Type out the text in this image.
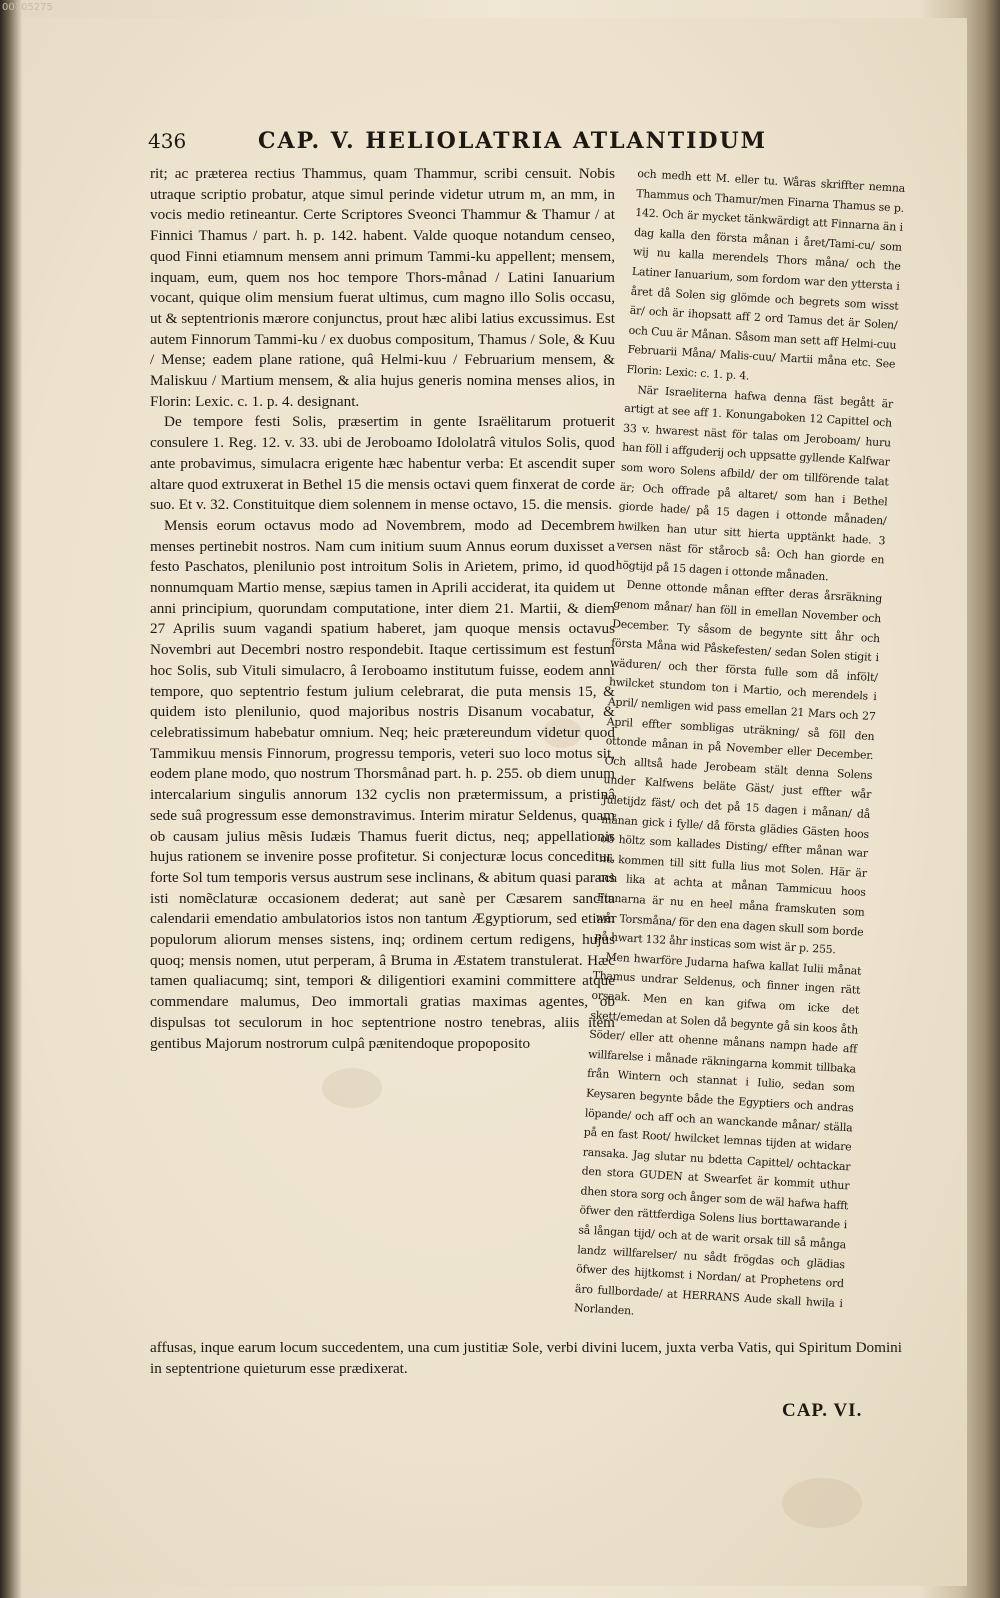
00105275
436	CAP. V. HELIOLATRIA ATLANTIDUM

rit; ac præterea rectius Thammus, quam Thammur, scribi censuit. Nobis utraque scriptio probatur, atque simul perinde videtur utrum m, an mm, in vocis medio retineantur. Certe Scriptores Sveonci Thammur & Thamur / at Finnici Thamus / part. h. p. 142. habent. Valde quoque notandum censeo, quod Finni etiamnum mensem anni primum Tammi-ku appellent; mensem, inquam, eum, quem nos hoc tempore Thors-månad / Latini Ianuarium vocant, quique olim mensium fuerat ultimus, cum magno illo Solis occasu, ut & septentrionis mærore conjunctus, prout hæc alibi latius excussimus. Est autem Finnorum Tammi-ku / ex duobus compositum, Thamus / Sole, & Kuu / Mense; eadem plane ratione, quâ Helmi-kuu / Februarium mensem, & Maliskuu / Martium mensem, & alia hujus generis nomina menses alios, in Florin: Lexic. c. 1. p. 4. designant.

De tempore festi Solis, præsertim in gente Israëlitarum protuerit consulere 1. Reg. 12. v. 33. ubi de Jeroboamo Idololatrâ vitulos Solis, quod ante probavimus, simulacra erigente hæc habentur verba: Et ascendit super altare quod extruxerat in Bethel 15 die mensis octavi quem finxerat de corde suo. Et v. 32. Constituitque diem solennem in mense octavo, 15. die mensis.

Mensis eorum octavus modo ad Novembrem, modo ad Decembrem menses pertinebit nostros. Nam cum initium suum Annus eorum duxisset a festo Paschatos, plenilunio post introitum Solis in Arietem, primo, id quod nonnumquam Martio mense, sæpius tamen in Aprili acciderat, ita quidem ut anni principium, quorundam computatione, inter diem 21. Martii, & diem 27 Aprilis suum vagandi spatium haberet, jam quoque mensis octavus Novembri aut Decembri nostro respondebit. Itaque certissimum est festum hoc Solis, sub Vituli simulacro, â Ieroboamo institutum fuisse, eodem anni tempore, quo septentrio festum julium celebrarat, die puta mensis 15, & quidem isto plenilunio, quod majoribus nostris Disanum vocabatur, & celebratissimum habebatur omnium. Neq; heic prætereundum videtur quod Tammikuu mensis Finnorum, progressu temporis, veteri suo loco motus sit, eodem plane modo, quo nostrum Thorsmånad part. h. p. 255. ob diem unum intercalarium singulis annorum 132 cyclis non prætermissum, a pristinâ sede suâ progressum esse demonstravimus. Interim miratur Seldenus, quam ob causam julius mẽsis Iudæis Thamus fuerit dictus, neq; appellationis hujus rationem se invenire posse profitetur. Si conjecturæ locus conceditur, forte Sol tum temporis versus austrum sese inclinans, & abitum quasi parans isti nomẽclaturæ occasionem dederat; aut sanè per Cæsarem sancita calendarii emendatio ambulatorios istos non tantum Ægyptiorum, sed etiam populorum aliorum menses sistens, inq; ordinem certum redigens, hujus quoq; mensis nomen, utut perperam, â Bruma in Æstatem transtulerat. Hæc tamen qualiacumq; sint, tempori & diligentiori examini committere atque commendare malumus, Deo immortali gratias maximas agentes, ob dispulsas tot seculorum in hoc septentrione nostro tenebras, aliis item gentibus Majorum nostrorum culpâ pænitendoque propoposito

och medh ett M. eller tu. Wåras skriffter nemna Thammus och Thamur/men Finarna Thamus se p. 142. Och är mycket tänkwärdigt att Finnarna än i dag kalla den första månan i året/Tami-cu/ som wij nu kalla merendels Thors måna/ och the Latiner Ianuarium, som fordom war den yttersta i året då Solen sig glömde och begrets som wisst är/ och är ihopsatt aff 2 ord Tamus det är Solen/ och Cuu är Månan. Såsom man sett aff Helmi-cuu Februarii Måna/ Malis-cuu/ Martii måna etc. See Florin: Lexic: c. 1. p. 4.

När Israeliterna hafwa denna fäst begått är artigt at see aff 1. Konungaboken 12 Capittel och 33 v. hwarest näst för talas om Jeroboam/ huru han föll i affguderij och uppsatte gyllende Kalfwar som woro Solens afbild/ der om tillförende talat är; Och offrade på altaret/ som han i Bethel giorde hade/ på 15 dagen i ottonde månaden/ hwilken han utur sitt hierta upptänkt hade. 3 versen näst för stårocb så: Och han giorde en högtijd på 15 dagen i ottonde månaden.

Denne ottonde månan effter deras årsräkning genom månar/ han föll in emellan November och December. Ty såsom de begynte sitt åhr och första Måna wid Påskefesten/ sedan Solen stigit i wäduren/ och ther första fulle som då infölt/ hwilcket stundom ton i Martio, och merendels i April/ nemligen wid pass emellan 21 Mars och 27 April effter sombligas uträkning/ så föll den ottonde månan in på November eller December. Och alltså hade Jerobeam stält denna Solens under Kalfwens beläte Gäst/ just effter wår Juletijdz fäst/ och det på 15 dagen i månan/ då månan gick i fylle/ då första glädies Gästen hoos oß höltz som kallades Disting/ effter månan war nu kommen till sitt fulla lius mot Solen. Här är och lika at achta at månan Tammicuu hoos Finnarna är nu en heel måna framskuten som wår Torsmåna/ för den ena dagen skull som borde på hwart 132 åhr insticas som wist är p. 255.

Men hwarföre Judarna hafwa kallat Iulii månat Thamus undrar Seldenus, och finner ingen rätt orsaak. Men en kan gifwa om icke det skett/emedan at Solen då begynte gå sin koos åth Söder/ eller att ohenne månans nampn hade aff willfarelse i månade räkningarna kommit tillbaka från Wintern och stannat i Iulio, sedan som Keysaren begynte både the Egyptiers och andras löpande/ och aff och an wanckande månar/ ställa på en fast Root/ hwilcket lemnas tijden at widare ransaka. Jag slutar nu bdetta Capittel/ ochtackar den stora GUDEN at Swearfet är kommit uthur dhen stora sorg och ånger som de wäl hafwa hafft öfwer den rättferdiga Solens lius borttawarande i så långan tijd/ och at de warit orsak till så många landz willfarelser/ nu sådt frögdas och glädias öfwer des hijtkomst i Nordan/ at Prophetens ord äro fullbordade/ at HERRANS Aude skall hwila i Norlanden.

affusas, inque earum locum succedentem, una cum justitiæ Sole, verbi divini lucem, juxta verba Vatis, qui Spiritum Domini in septentrione quieturum esse prædixerat.
CAP. VI.
